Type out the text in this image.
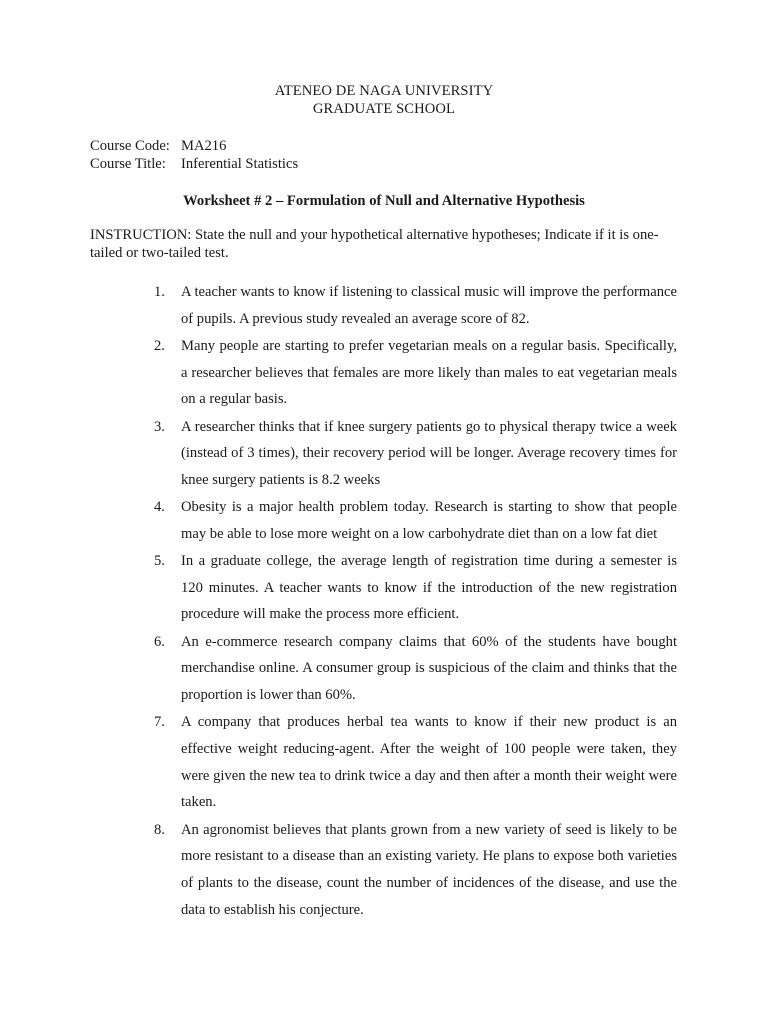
ATENEO DE NAGA UNIVERSITY
GRADUATE SCHOOL
Course Code: MA216
Course Title:	Inferential Statistics
Worksheet # 2 – Formulation of Null and Alternative Hypothesis
INSTRUCTION: State the null and your hypothetical alternative hypotheses; Indicate if it is one-tailed or two-tailed test.
1. A teacher wants to know if listening to classical music will improve the performance of pupils. A previous study revealed an average score of 82.
2. Many people are starting to prefer vegetarian meals on a regular basis. Specifically, a researcher believes that females are more likely than males to eat vegetarian meals on a regular basis.
3. A researcher thinks that if knee surgery patients go to physical therapy twice a week (instead of 3 times), their recovery period will be longer. Average recovery times for knee surgery patients is 8.2 weeks
4. Obesity is a major health problem today. Research is starting to show that people may be able to lose more weight on a low carbohydrate diet than on a low fat diet
5. In a graduate college, the average length of registration time during a semester is 120 minutes. A teacher wants to know if the introduction of the new registration procedure will make the process more efficient.
6. An e-commerce research company claims that 60% of the students have bought merchandise online. A consumer group is suspicious of the claim and thinks that the proportion is lower than 60%.
7. A company that produces herbal tea wants to know if their new product is an effective weight reducing-agent. After the weight of 100 people were taken, they were given the new tea to drink twice a day and then after a month their weight were taken.
8. An agronomist believes that plants grown from a new variety of seed is likely to be more resistant to a disease than an existing variety. He plans to expose both varieties of plants to the disease, count the number of incidences of the disease, and use the data to establish his conjecture.
